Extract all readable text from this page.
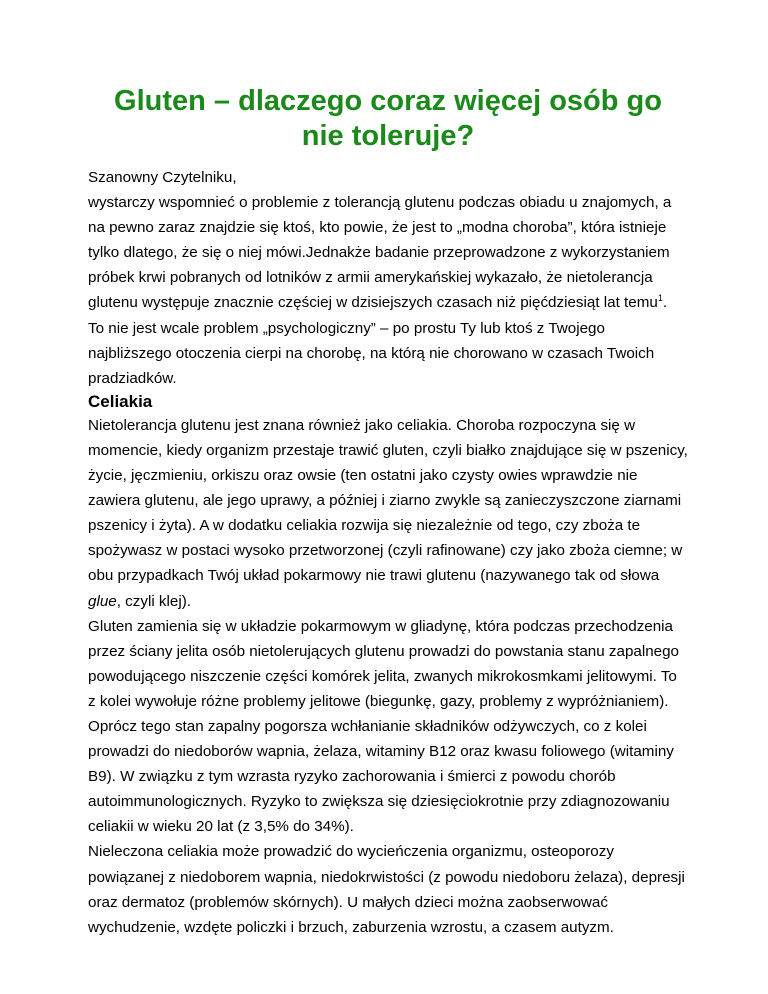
Gluten – dlaczego coraz więcej osób go
nie toleruje?

Szanowny Czytelniku,

wystarczy wspomnieć o problemie z tolerancją glutenu podczas obiadu u znajomych, a na pewno zaraz znajdzie się ktoś, kto powie, że jest to „modna choroba”, która istnieje tylko dlatego, że się o niej mówi.Jednakże badanie przeprowadzone z wykorzystaniem próbek krwi pobranych od lotników z armii amerykańskiej wykazało, że nietolerancja glutenu występuje znacznie częściej w dzisiejszych czasach niż pięćdziesiąt lat temu$^1$.

To nie jest wcale problem „psychologiczny” – po prostu Ty lub ktoś z Twojego najbliższego otoczenia cierpi na chorobę, na którą nie chorowano w czasach Twoich pradziadków.

Celiakia

Nietolerancja glutenu jest znana również jako celiakia. Choroba rozpoczyna się w momencie, kiedy organizm przestaje trawić gluten, czyli białko znajdujące się w pszenicy, życie, jęczmieniu, orkiszu oraz owsie (ten ostatni jako czysty owies wprawdzie nie zawiera glutenu, ale jego uprawy, a później i ziarno zwykle są zanieczyszczone ziarnami pszenicy i żyta). A w dodatku celiakia rozwija się niezależnie od tego, czy zboża te spożywasz w postaci wysoko przetworzonej (czyli rafinowane) czy jako zboża ciemne; w obu przypadkach Twój układ pokarmowy nie trawi glutenu (nazywanego tak od słowa glue, czyli klej).

Gluten zamienia się w układzie pokarmowym w gliadynę, która podczas przechodzenia przez ściany jelita osób nietolerujących glutenu prowadzi do powstania stanu zapalnego powodującego niszczenie części komórek jelita, zwanych mikrokosmkami jelitowymi. To z kolei wywołuje różne problemy jelitowe (biegunkę, gazy, problemy z wypróżnianiem).

Oprócz tego stan zapalny pogorsza wchłanianie składników odżywczych, co z kolei prowadzi do niedoborów wapnia, żelaza, witaminy B12 oraz kwasu foliowego (witaminy B9). W związku z tym wzrasta ryzyko zachorowania i śmierci z powodu chorób autoimmunologicznych. Ryzyko to zwiększa się dziesięciokrotnie przy zdiagnozowaniu celiakii w wieku 20 lat (z 3,5% do 34%).

Nieleczona celiakia może prowadzić do wycieńczenia organizmu, osteoporozy powiązanej z niedoborem wapnia, niedokrwistości (z powodu niedoboru żelaza), depresji oraz dermatoz (problemów skórnych). U małych dzieci można zaobserwować wychudzenie, wzdęte policzki i brzuch, zaburzenia wzrostu, a czasem autyzm.
